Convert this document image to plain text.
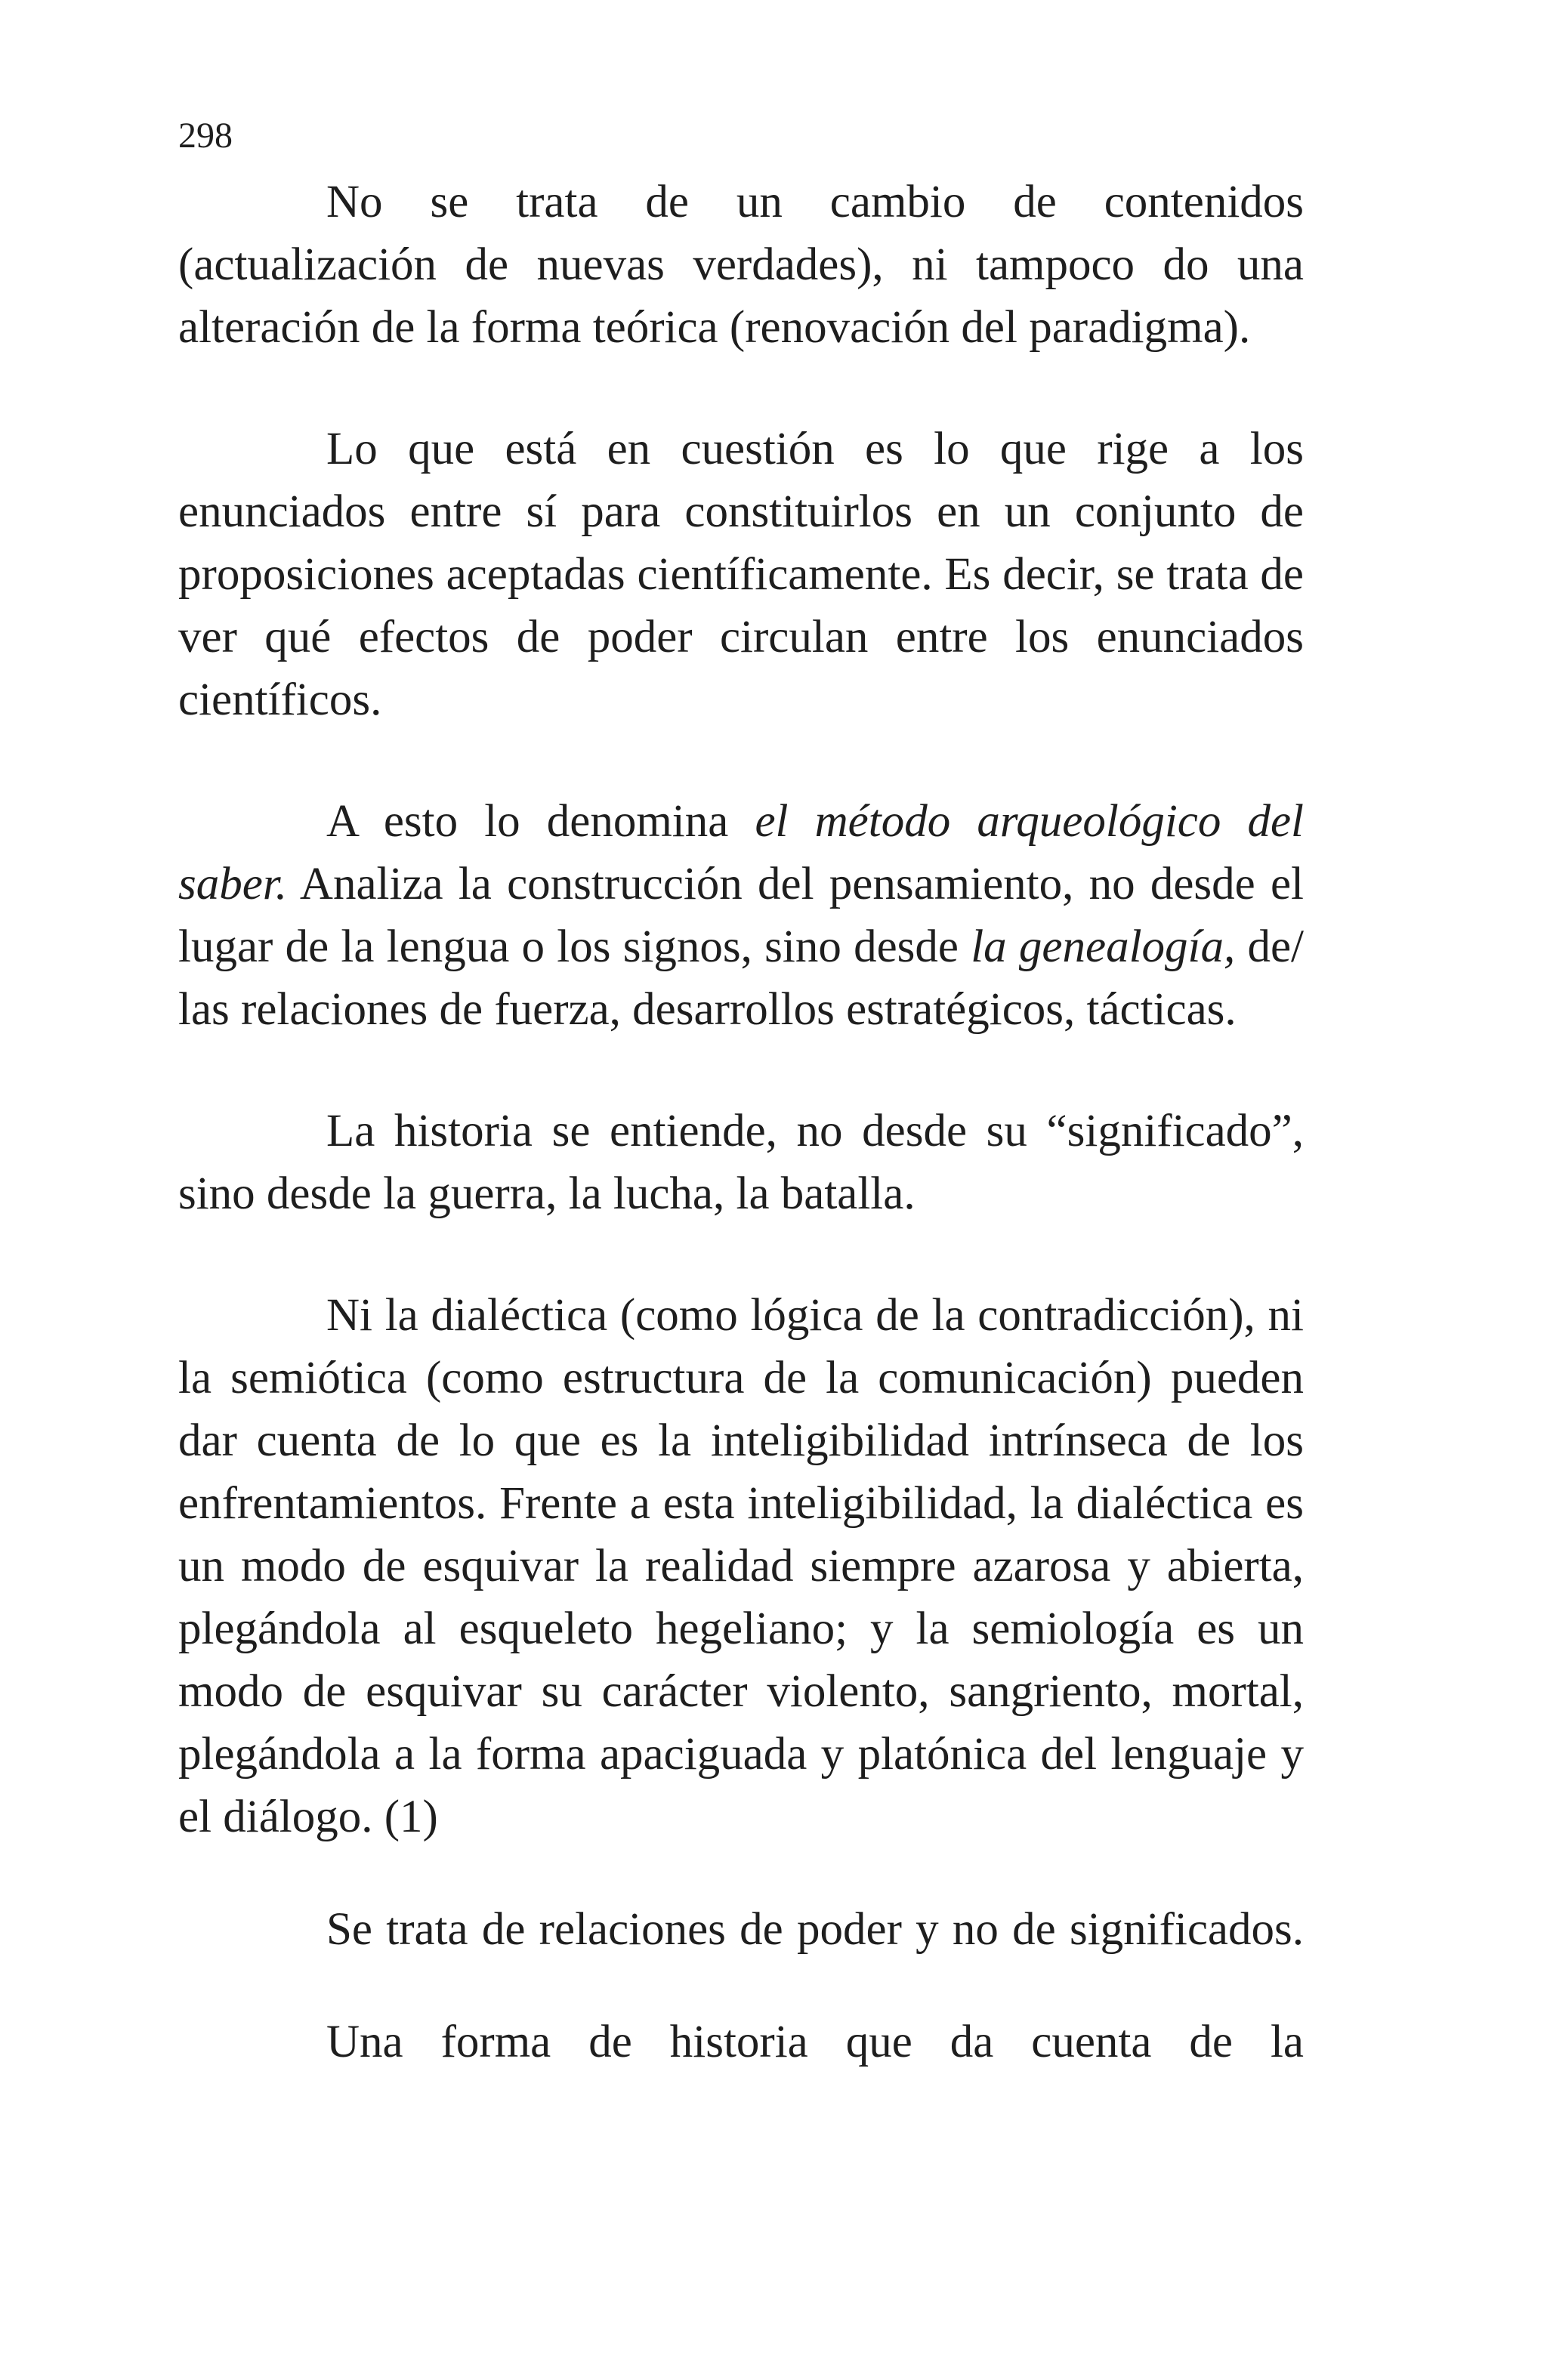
298

No se trata de un cambio de contenidos (actualización de nuevas verdades), ni tampoco do una alteración de la forma teórica (renovación del paradigma).

Lo que está en cuestión es lo que rige a los enunciados entre sí para constituirlos en un conjunto de proposiciones aceptadas científicamente. Es decir, se trata de ver qué efectos de poder circulan entre los enunciados científicos.

A esto lo denomina el método arqueológico del saber. Analiza la construcción del pensamiento, no desde el lugar de la lengua o los signos, sino desde la genealogía, de/ las relaciones de fuerza, desarrollos estratégicos, tácticas.

La historia se entiende, no desde su “significado”, sino desde la guerra, la lucha, la batalla.

Ni la dialéctica (como lógica de la contradicción), ni la semiótica (como estructura de la comunicación) pueden dar cuenta de lo que es la inteligibilidad intrínseca de los enfrentamientos. Frente a esta inteligibilidad, la dialéctica es un modo de esquivar la realidad siempre azarosa y abierta, plegándola al esqueleto hegeliano; y la semiología es un modo de esquivar su carácter violento, sangriento, mortal, plegándola a la forma apaciguada y platónica del lenguaje y el diálogo. (1)

Se trata de relaciones de poder y no de significados.

Una forma de historia que da cuenta de la
